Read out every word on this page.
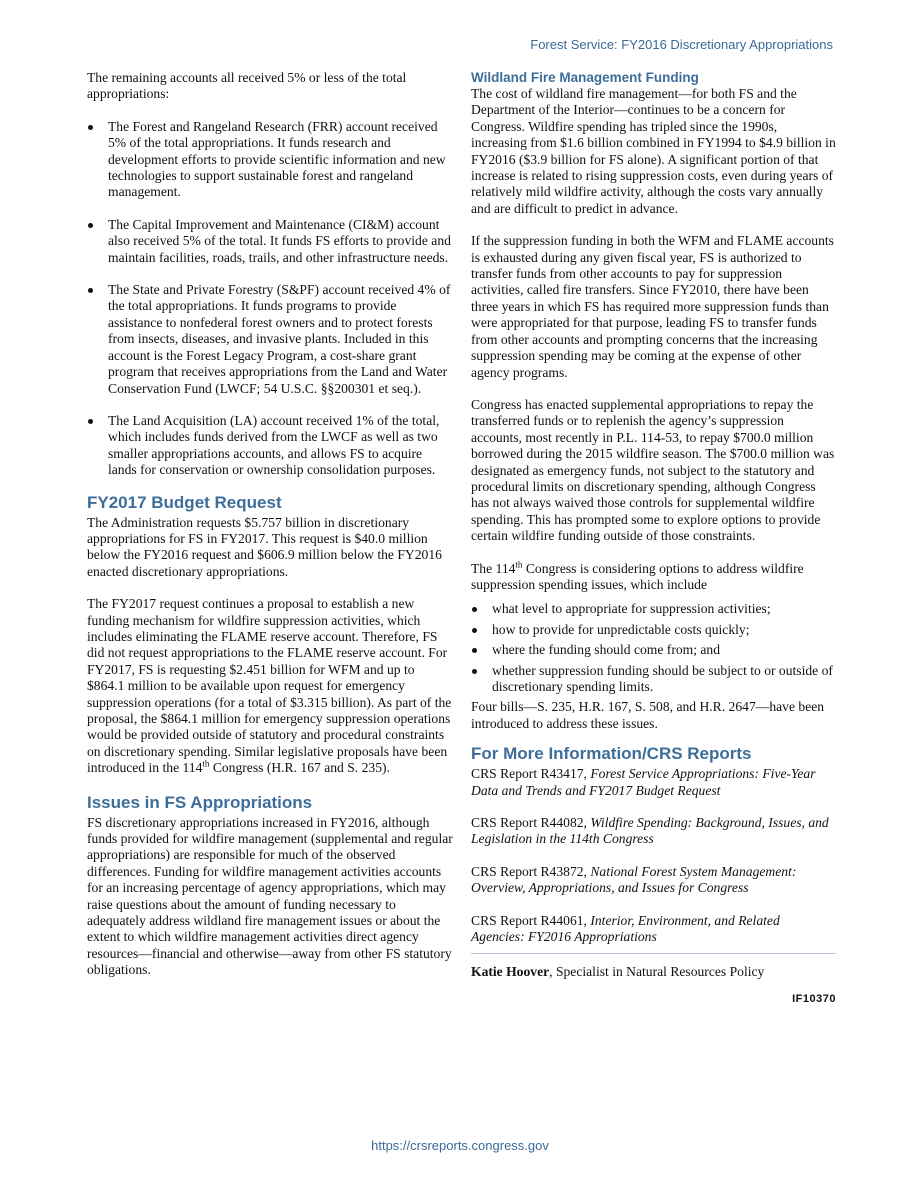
Forest Service: FY2016 Discretionary Appropriations

The remaining accounts all received 5% or less of the total appropriations:

The Forest and Rangeland Research (FRR) account received 5% of the total appropriations. It funds research and development efforts to provide scientific information and new technologies to support sustainable forest and rangeland management.
The Capital Improvement and Maintenance (CI&M) account also received 5% of the total. It funds FS efforts to provide and maintain facilities, roads, trails, and other infrastructure needs.
The State and Private Forestry (S&PF) account received 4% of the total appropriations. It funds programs to provide assistance to nonfederal forest owners and to protect forests from insects, diseases, and invasive plants. Included in this account is the Forest Legacy Program, a cost-share grant program that receives appropriations from the Land and Water Conservation Fund (LWCF; 54 U.S.C. §§200301 et seq.).
The Land Acquisition (LA) account received 1% of the total, which includes funds derived from the LWCF as well as two smaller appropriations accounts, and allows FS to acquire lands for conservation or ownership consolidation purposes.
FY2017 Budget Request

The Administration requests $5.757 billion in discretionary appropriations for FS in FY2017. This request is $40.0 million below the FY2016 request and $606.9 million below the FY2016 enacted discretionary appropriations.

The FY2017 request continues a proposal to establish a new funding mechanism for wildfire suppression activities, which includes eliminating the FLAME reserve account. Therefore, FS did not request appropriations to the FLAME reserve account. For FY2017, FS is requesting $2.451 billion for WFM and up to $864.1 million to be available upon request for emergency suppression operations (for a total of $3.315 billion). As part of the proposal, the $864.1 million for emergency suppression operations would be provided outside of statutory and procedural constraints on discretionary spending. Similar legislative proposals have been introduced in the 114th Congress (H.R. 167 and S. 235).

Issues in FS Appropriations

FS discretionary appropriations increased in FY2016, although funds provided for wildfire management (supplemental and regular appropriations) are responsible for much of the observed differences. Funding for wildfire management activities accounts for an increasing percentage of agency appropriations, which may raise questions about the amount of funding necessary to adequately address wildland fire management issues or about the extent to which wildfire management activities direct agency resources—financial and otherwise—away from other FS statutory obligations.

Wildland Fire Management Funding

The cost of wildland fire management—for both FS and the Department of the Interior—continues to be a concern for Congress. Wildfire spending has tripled since the 1990s, increasing from $1.6 billion combined in FY1994 to $4.9 billion in FY2016 ($3.9 billion for FS alone). A significant portion of that increase is related to rising suppression costs, even during years of relatively mild wildfire activity, although the costs vary annually and are difficult to predict in advance.

If the suppression funding in both the WFM and FLAME accounts is exhausted during any given fiscal year, FS is authorized to transfer funds from other accounts to pay for suppression activities, called fire transfers. Since FY2010, there have been three years in which FS has required more suppression funds than were appropriated for that purpose, leading FS to transfer funds from other accounts and prompting concerns that the increasing suppression spending may be coming at the expense of other agency programs.

Congress has enacted supplemental appropriations to repay the transferred funds or to replenish the agency’s suppression accounts, most recently in P.L. 114-53, to repay $700.0 million borrowed during the 2015 wildfire season. The $700.0 million was designated as emergency funds, not subject to the statutory and procedural limits on discretionary spending, although Congress has not always waived those controls for supplemental wildfire spending. This has prompted some to explore options to provide certain wildfire funding outside of those constraints.

The 114th Congress is considering options to address wildfire suppression spending issues, which include

what level to appropriate for suppression activities;
how to provide for unpredictable costs quickly;
where the funding should come from; and
whether suppression funding should be subject to or outside of discretionary spending limits.

Four bills—S. 235, H.R. 167, S. 508, and H.R. 2647—have been introduced to address these issues.

For More Information/CRS Reports

CRS Report R43417, Forest Service Appropriations: Five-Year Data and Trends and FY2017 Budget Request

CRS Report R44082, Wildfire Spending: Background, Issues, and Legislation in the 114th Congress

CRS Report R43872, National Forest System Management: Overview, Appropriations, and Issues for Congress

CRS Report R44061, Interior, Environment, and Related Agencies: FY2016 Appropriations

Katie Hoover, Specialist in Natural Resources Policy

IF10370
https://crsreports.congress.gov
